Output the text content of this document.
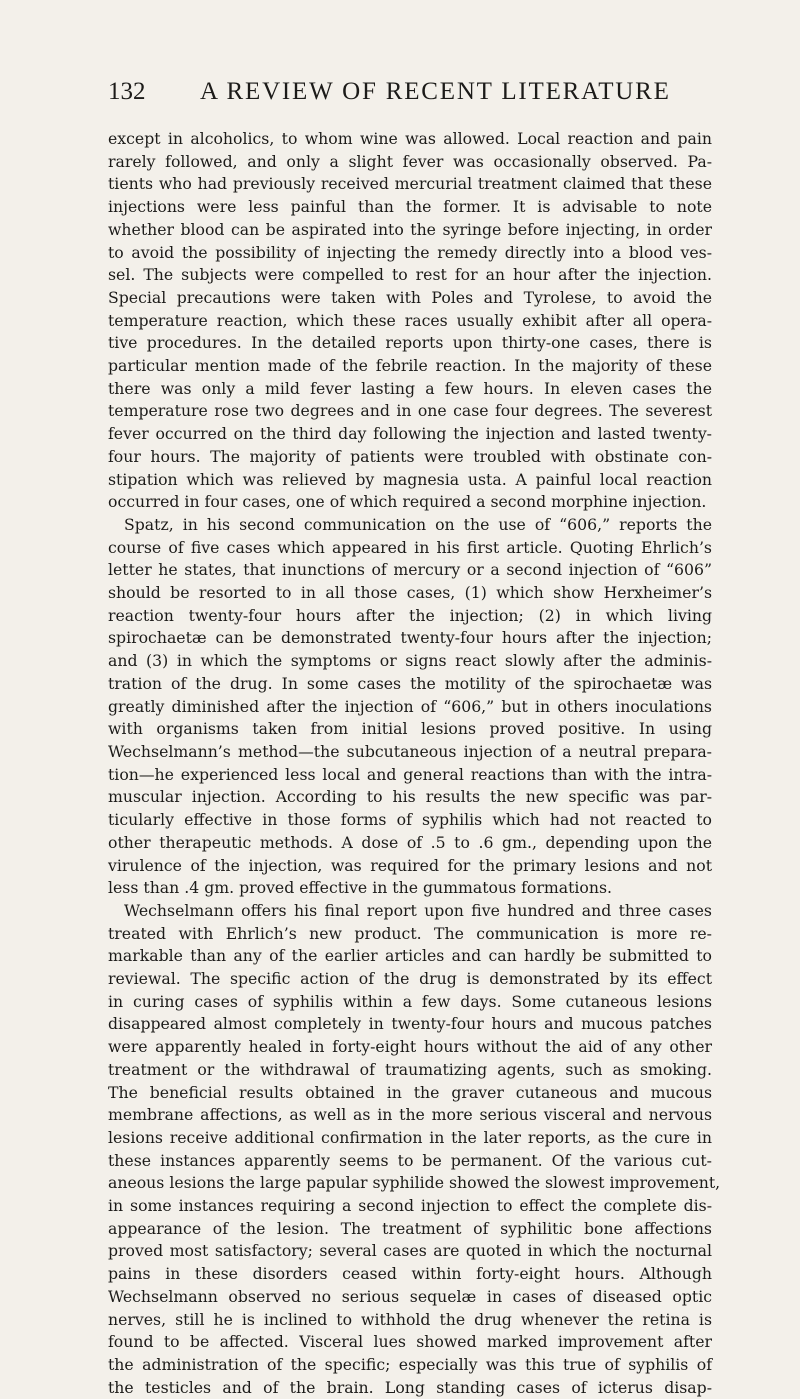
132 A REVIEW OF RECENT LITERATURE
except in alcoholics, to whom wine was allowed. Local reaction and pain
rarely followed, and only a slight fever was occasionally observed. Pa-
tients who had previously received mercurial treatment claimed that these
injections were less painful than the former. It is advisable to note
whether blood can be aspirated into the syringe before injecting, in order
to avoid the possibility of injecting the remedy directly into a blood ves-
sel. The subjects were compelled to rest for an hour after the injection.
Special precautions were taken with Poles and Tyrolese, to avoid the
temperature reaction, which these races usually exhibit after all opera-
tive procedures. In the detailed reports upon thirty-one cases, there is
particular mention made of the febrile reaction. In the majority of these
there was only a mild fever lasting a few hours. In eleven cases the
temperature rose two degrees and in one case four degrees. The severest
fever occurred on the third day following the injection and lasted twenty-
four hours. The majority of patients were troubled with obstinate con-
stipation which was relieved by magnesia usta. A painful local reaction
occurred in four cases, one of which required a second morphine injection.
Spatz, in his second communication on the use of “606,” reports the
course of five cases which appeared in his first article. Quoting Ehrlich’s
letter he states, that inunctions of mercury or a second injection of “606”
should be resorted to in all those cases, (1) which show Herxheimer’s
reaction twenty-four hours after the injection; (2) in which living
spirochaetæ can be demonstrated twenty-four hours after the injection;
and (3) in which the symptoms or signs react slowly after the adminis-
tration of the drug. In some cases the motility of the spirochaetæ was
greatly diminished after the injection of “606,” but in others inoculations
with organisms taken from initial lesions proved positive. In using
Wechselmann’s method—the subcutaneous injection of a neutral prepara-
tion—he experienced less local and general reactions than with the intra-
muscular injection. According to his results the new specific was par-
ticularly effective in those forms of syphilis which had not reacted to
other therapeutic methods. A dose of .5 to .6 gm., depending upon the
virulence of the injection, was required for the primary lesions and not
less than .4 gm. proved effective in the gummatous formations.
Wechselmann offers his final report upon five hundred and three cases
treated with Ehrlich’s new product. The communication is more re-
markable than any of the earlier articles and can hardly be submitted to
reviewal. The specific action of the drug is demonstrated by its effect
in curing cases of syphilis within a few days. Some cutaneous lesions
disappeared almost completely in twenty-four hours and mucous patches
were apparently healed in forty-eight hours without the aid of any other
treatment or the withdrawal of traumatizing agents, such as smoking.
The beneficial results obtained in the graver cutaneous and mucous
membrane affections, as well as in the more serious visceral and nervous
lesions receive additional confirmation in the later reports, as the cure in
these instances apparently seems to be permanent. Of the various cut-
aneous lesions the large papular syphilide showed the slowest improvement,
in some instances requiring a second injection to effect the complete dis-
appearance of the lesion. The treatment of syphilitic bone affections
proved most satisfactory; several cases are quoted in which the nocturnal
pains in these disorders ceased within forty-eight hours. Although
Wechselmann observed no serious sequelæ in cases of diseased optic
nerves, still he is inclined to withhold the drug whenever the retina is
found to be affected. Visceral lues showed marked improvement after
the administration of the specific; especially was this true of syphilis of
the testicles and of the brain. Long standing cases of icterus disap-
